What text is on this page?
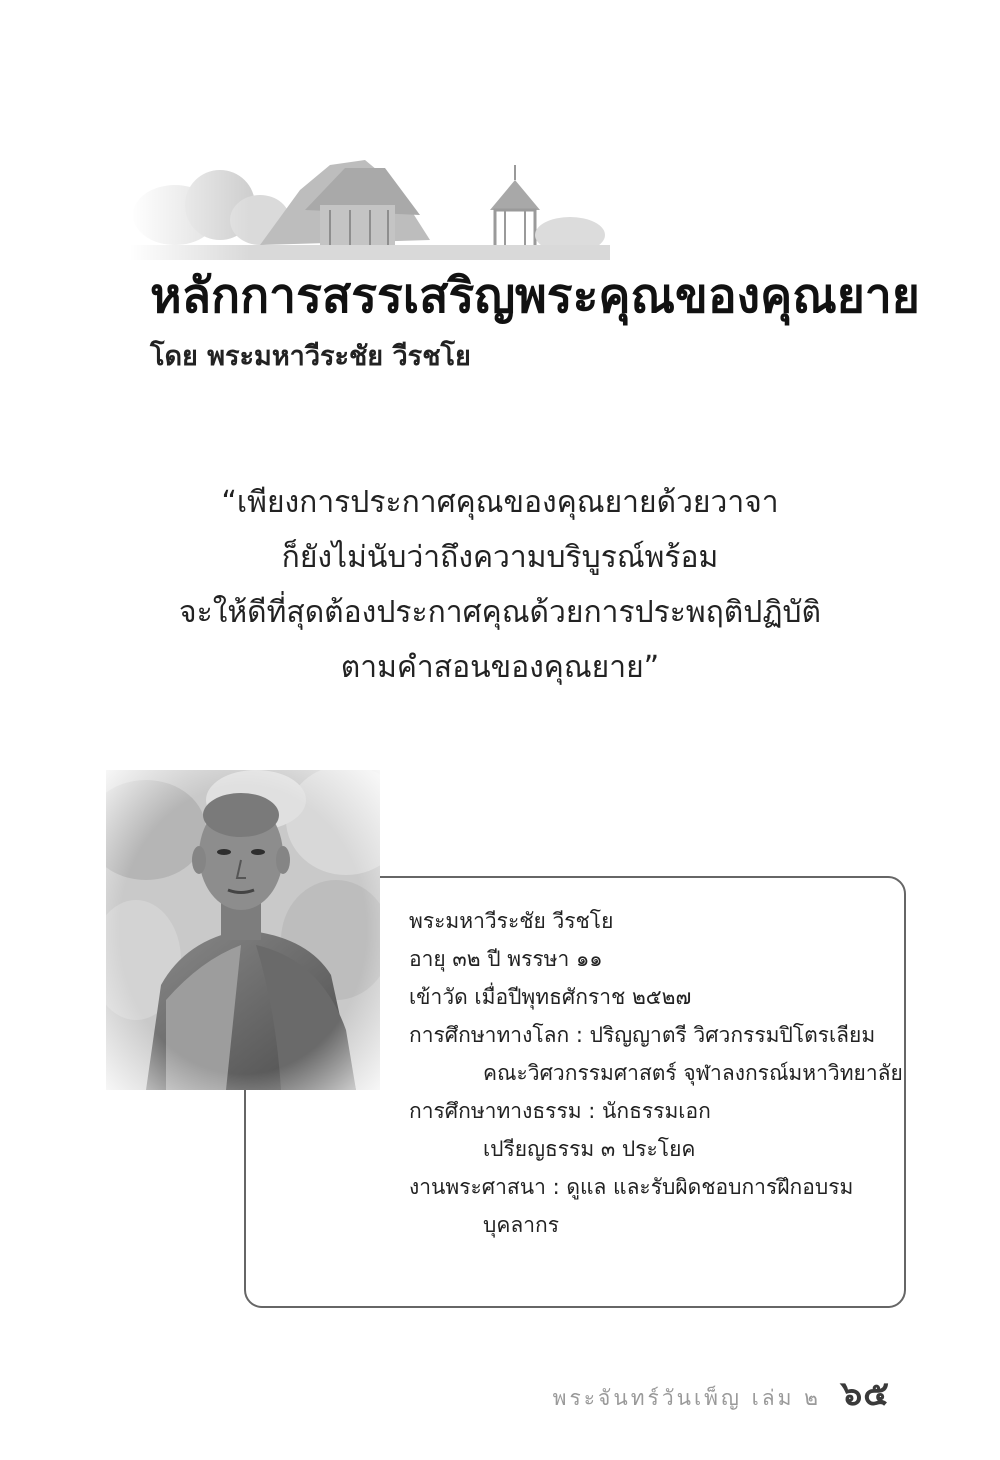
หลักการสรรเสริญพระคุณของคุณยาย

โดย พระมหาวีระชัย วีรชโย

“เพียงการประกาศคุณของคุณยายด้วยวาจา
ก็ยังไม่นับว่าถึงความบริบูรณ์พร้อม
จะให้ดีที่สุดต้องประกาศคุณด้วยการประพฤติปฏิบัติ
ตามคำสอนของคุณยาย”
พระมหาวีระชัย วีรชโย
อายุ ๓๒ ปี พรรษา ๑๑
เข้าวัด เมื่อปีพุทธศักราช ๒๕๒๗
การศึกษาทางโลก : ปริญญาตรี วิศวกรรมปิโตรเลียม
คณะวิศวกรรมศาสตร์ จุฬาลงกรณ์มหาวิทยาลัย
การศึกษาทางธรรม : นักธรรมเอก
เปรียญธรรม ๓ ประโยค
งานพระศาสนา : ดูแล และรับผิดชอบการฝึกอบรม
บุคลากร
พระจันทร์วันเพ็ญ เล่ม ๒ ๖๕
